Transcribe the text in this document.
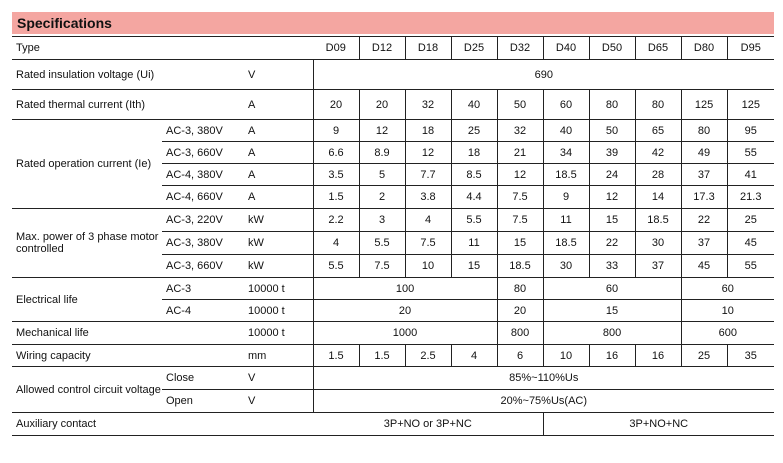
Specifications
Type			D09	D12	D18	D25	D32	D40	D50	D65	D80	D95
Rated insulation voltage (Ui)		V	690									
Rated thermal current (Ith)		A	20	20	32	40	50	60	80	80	125	125
Rated operation current (Ie)	AC-3, 380V	A	9	12	18	25	32	40	50	65	80	95
	AC-3, 660V	A	6.6	8.9	12	18	21	34	39	42	49	55
	AC-4, 380V	A	3.5	5	7.7	8.5	12	18.5	24	28	37	41
	AC-4, 660V	A	1.5	2	3.8	4.4	7.5	9	12	14	17.3	21.3
Max. power of 3 phase motor controlled	AC-3, 220V	kW	2.2	3	4	5.5	7.5	11	15	18.5	22	25
	AC-3, 380V	kW	4	5.5	7.5	11	15	18.5	22	30	37	45
	AC-3, 660V	kW	5.5	7.5	10	15	18.5	30	33	37	45	55
Electrical life	AC-3	10000 t	100				80	60			60	
	AC-4	10000 t	20				20	15			10	
Mechanical life		10000 t	1000				800	800			600	
Wiring capacity		mm	1.5	1.5	2.5	4	6	10	16	16	25	35
Allowed control circuit voltage	Close	V	85%~110%Us									
	Open	V	20%~75%Us(AC)									
Auxiliary contact			3P+NO or 3P+NC					3P+NO+NC				
